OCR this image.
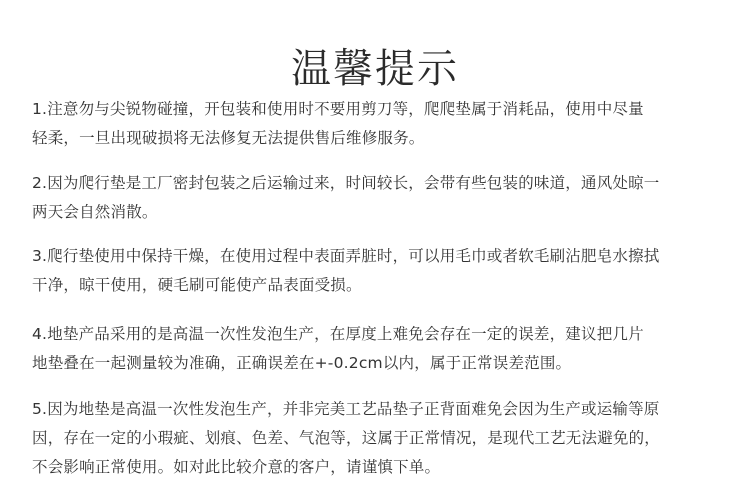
温馨提示

1.注意勿与尖锐物碰撞，开包装和使用时不要用剪刀等，爬爬垫属于消耗品，使用中尽量
轻柔，一旦出现破损将无法修复无法提供售后维修服务。

2.因为爬行垫是工厂密封包装之后运输过来，时间较长，会带有些包装的味道，通风处晾一
两天会自然消散。

3.爬行垫使用中保持干燥，在使用过程中表面弄脏时，可以用毛巾或者软毛刷沾肥皂水擦拭
干净，晾干使用，硬毛刷可能使产品表面受损。

4.地垫产品采用的是高温一次性发泡生产，在厚度上难免会存在一定的误差，建议把几片
地垫叠在一起测量较为准确，正确误差在+-0.2cm以内，属于正常误差范围。

5.因为地垫是高温一次性发泡生产，并非完美工艺品垫子正背面难免会因为生产或运输等原
因，存在一定的小瑕疵、划痕、色差、气泡等，这属于正常情况，是现代工艺无法避免的，
不会影响正常使用。如对此比较介意的客户，请谨慎下单。
